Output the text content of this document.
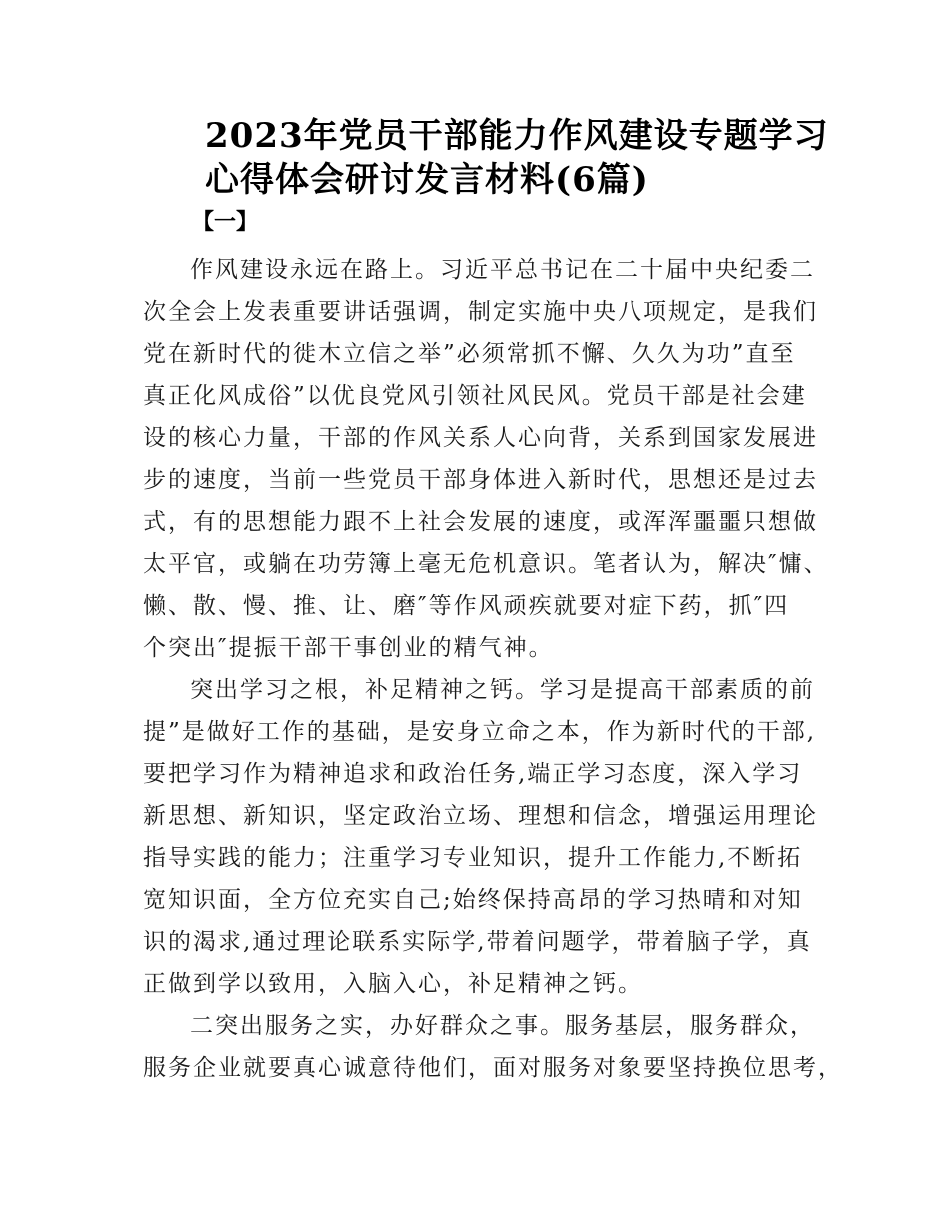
2023年党员干部能力作风建设专题学习
心得体会研讨发言材料(6篇)
【一】
作风建设永远在路上。习近平总书记在二十届中央纪委二
次全会上发表重要讲话强调，制定实施中央八项规定，是我们
党在新时代的徙木立信之举”必须常抓不懈、久久为功”直至
真正化风成俗”以优良党风引领社风民风。党员干部是社会建
设的核心力量，干部的作风关系人心向背，关系到国家发展进
步的速度，当前一些党员干部身体进入新时代，思想还是过去
式，有的思想能力跟不上社会发展的速度，或浑浑噩噩只想做
太平官，或躺在功劳簿上毫无危机意识。笔者认为，解决″慵、
懒、散、慢、推、让、磨″等作风顽疾就要对症下药，抓″四
个突出″提振干部干事创业的精气神。
突出学习之根，补足精神之钙。学习是提高干部素质的前
提”是做好工作的基础，是安身立命之本，作为新时代的干部,
要把学习作为精神追求和政治任务,端正学习态度，深入学习
新思想、新知识，坚定政治立场、理想和信念，增强运用理论
指导实践的能力；注重学习专业知识，提升工作能力,不断拓
宽知识面，全方位充实自己;始终保持高昂的学习热晴和对知
识的渴求,通过理论联系实际学,带着问题学，带着脑子学，真
正做到学以致用，入脑入心，补足精神之钙。
二突出服务之实，办好群众之事。服务基层，服务群众，
服务企业就要真心诚意待他们，面对服务对象要坚持换位思考，
